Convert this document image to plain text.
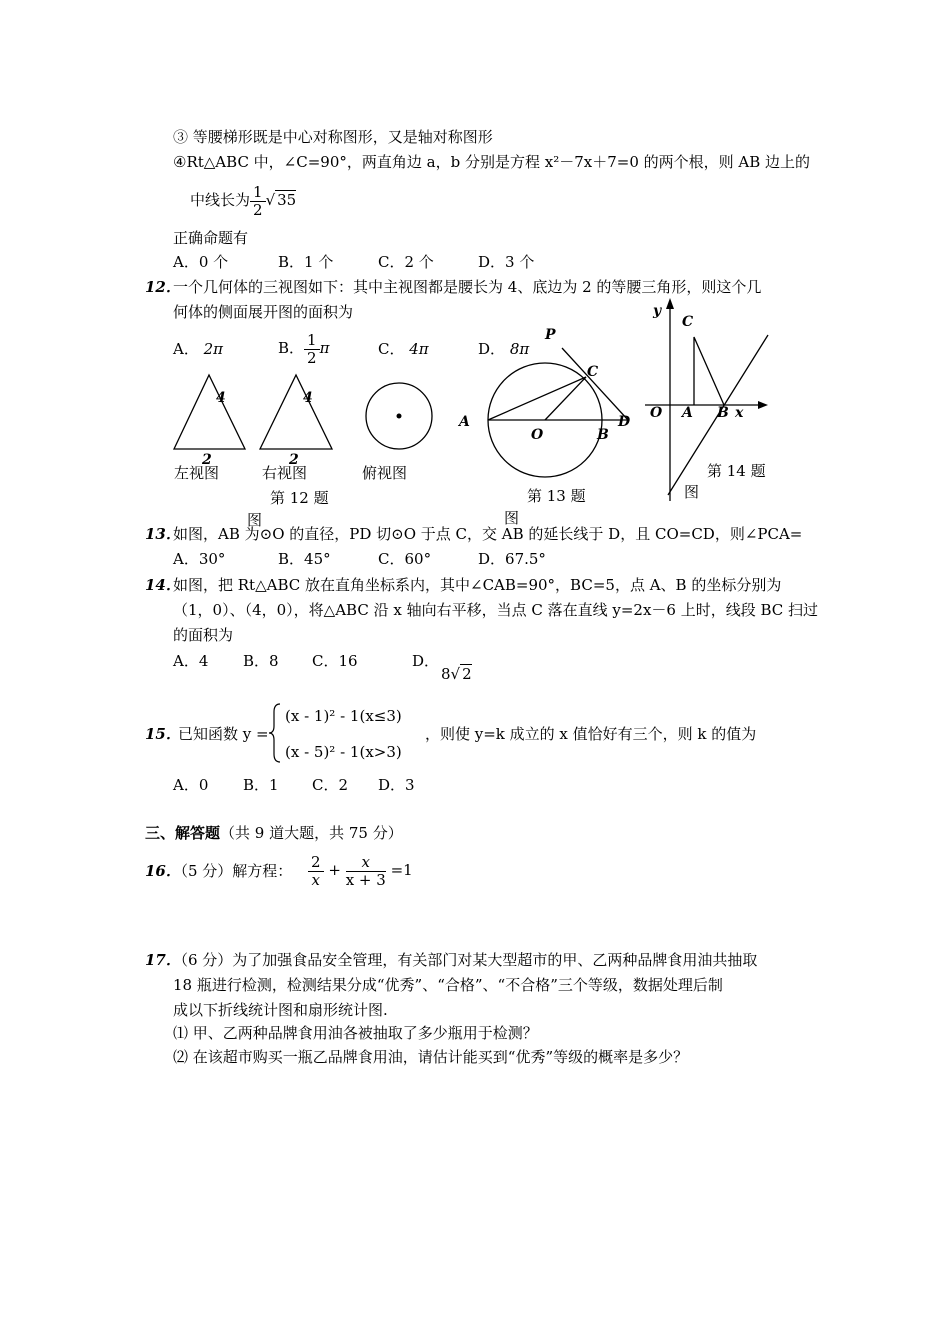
③ 等腰梯形既是中心对称图形，又是轴对称图形
④Rt△ABC 中，∠C=90°，两直角边 a，b 分别是方程 x²－7x＋7=0 的两个根，则 AB 边上的
中线长为 $\frac{1}{2}$ √ 35
正确命题有
A．0 个	B．1 个	C．2 个	D．3 个
12．
一个几何体的三视图如下：其中主视图都是腰长为 4、底边为 2 的等腰三角形，则这个几
何体的侧面展开图的面积为
A． 2π	B． $\frac{1}{2}$ π	C． 4π	D． 8π
4
2
4
2
左视图	右视图	俯视图
第 12 题
图
P
C
A
O	B
D
第 13 题
图
y
C
O A B x
第 14 题
图
13．
如图，AB 为⊙O 的直径，PD 切⊙O 于点 C，交 AB 的延长线于 D，且 CO=CD，则∠PCA=
A．30°	B．45°	C．60°	D．67.5°
14．
如图，把 Rt△ABC 放在直角坐标系内，其中∠CAB=90°，BC=5，点 A、B 的坐标分别为
（1，0）、（4，0），将△ABC 沿 x 轴向右平移，当点 C 落在直线 y=2x－6 上时，线段 BC 扫过
的面积为
A．4 B．8 C．16	D．
8√ 2
15．
已知函数 y =
(x - 1)² - 1(x≤3)
(x - 5)² - 1(x>3)
，则使 y=k 成立的 x 值恰好有三个，则 k 的值为
A．0 B．1 C．2 D．3
三、解答题（共 9 道大题，共 75 分）
16．
（5 分）解方程： $\frac{2}{x} + \frac{x}{x + 3} =1$
17．
（6 分）为了加强食品安全管理，有关部门对某大型超市的甲、乙两种品牌食用油共抽取
18 瓶进行检测，检测结果分成“优秀”、“合格”、“不合格”三个等级，数据处理后制
成以下折线统计图和扇形统计图.
⑴ 甲、乙两种品牌食用油各被抽取了多少瓶用于检测？
⑵ 在该超市购买一瓶乙品牌食用油，请估计能买到“优秀”等级的概率是多少？
